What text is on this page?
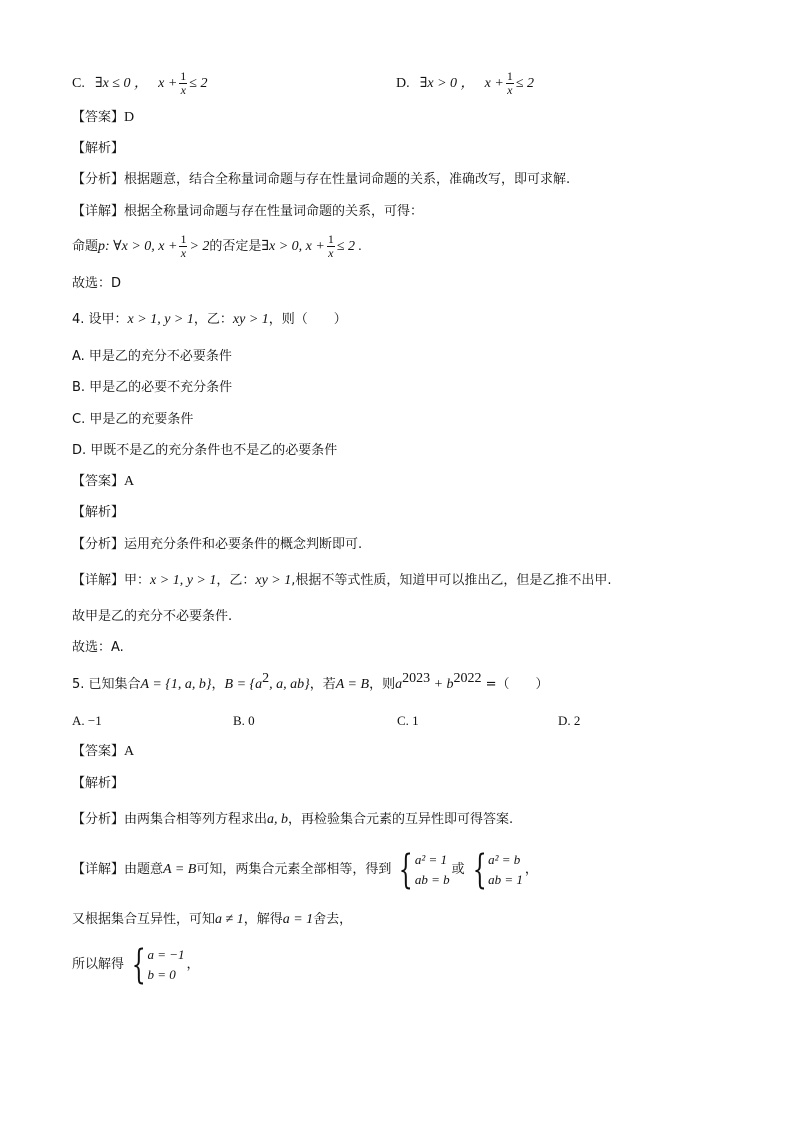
C. ∃x ≤ 0 ， $x + \frac{1}{x} \le 2$	D. ∃x > 0 ， $x + \frac{1}{x} \le 2$
【答案】D
【解析】
【分析】根据题意，结合全称量词命题与存在性量词命题的关系，准确改写，即可求解.
【详解】根据全称量词命题与存在性量词命题的关系，可得：
命题p: ∀x > 0, $x + \frac{1}{x} > 2$的否定是∃x > 0, $x + \frac{1}{x} \le 2$ .
故选：D
4. 设甲：x > 1, y > 1，乙：xy > 1，则（　　）
A. 甲是乙的充分不必要条件
B. 甲是乙的必要不充分条件
C. 甲是乙的充要条件
D. 甲既不是乙的充分条件也不是乙的必要条件
【答案】A
【解析】
【分析】运用充分条件和必要条件的概念判断即可.
【详解】甲：x > 1, y > 1，乙：xy > 1,根据不等式性质，知道甲可以推出乙，但是乙推不出甲.
故甲是乙的充分不必要条件.
故选：A.
5. 已知集合A = {1, a, b}，$B = \{a^2$, a, ab}，若A = B，则$a^{2023} + b^{2022}$ =（　　）
A. −1	B. 0	C. 1	D. 2
【答案】A
【解析】
【分析】由两集合相等列方程求出a, b，再检验集合元素的互异性即可得答案.
【详解】由题意A = B可知，两集合元素全部相等，得到 { a² = 1
ab = b
或 { a² = b
ab = 1
，
又根据集合互异性，可知a ≠ 1，解得a = 1舍去，
所以解得 { a = −1
b = 0
，
